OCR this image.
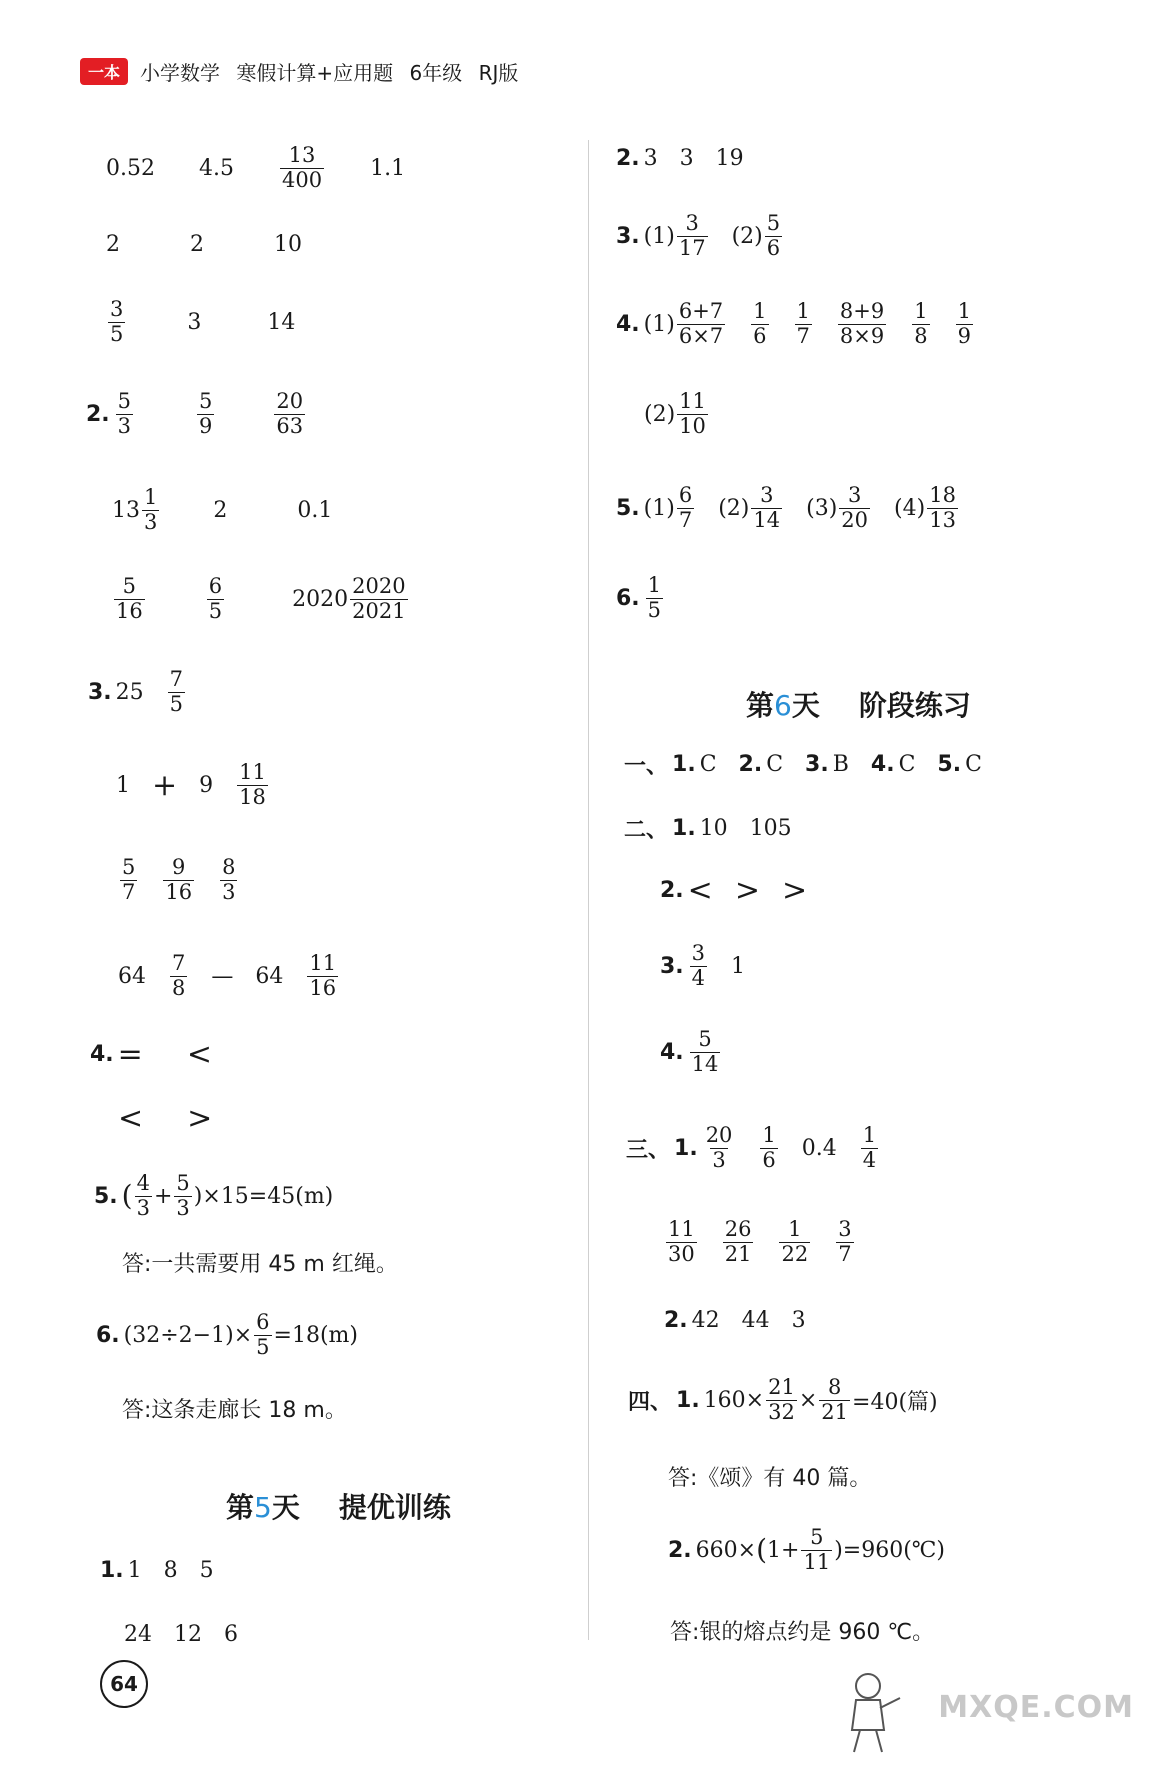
一本	小学数学 寒假计算+应用题 6年级 RJ版
0.52 $4.5 \frac{13}{400} 1.1$
2	2	10
$\frac{3}{5}$	3	14
2. $\frac{5}{3}$	$\frac{5}{9}$	$\frac{20}{63}$
$13 \frac{1}{3} 2$	0.1
$\frac{5}{16}$	$\frac{6}{5}$	$2020 \frac{2020}{2021}$
3. $25 \frac{7}{5}$
$1 + 9 \frac{11}{18}$
$\frac{5}{7} \frac{9}{16} \frac{8}{3}$
$64 \frac{7}{8}$ — $64 \frac{11}{16}$
4. = <
< >
5. ( $\frac{4}{3} + \frac{5}{3} )\times 15=45(m)$
答:一共需要用 45 m 红绳。
6. $(32\div 2-1)\times \frac{6}{5} =18(m)$
答:这条走廊长 18 m。
第5天 提优训练
1. 1 8 5
24 12 6
2. 3 3 19
3. $(1) \frac{3}{17} (2) \frac{5}{6}$
4. $(1) \frac{6+7}{6\times 7} \frac{1}{6} \frac{1}{7} \frac{8+9}{8\times 9} \frac{1}{8} \frac{1}{9}$
$(2) \frac{11}{10}$
5. $(1) \frac{6}{7} (2) \frac{3}{14} (3) \frac{3}{20} (4) \frac{18}{13}$
6. $\frac{1}{5}$
第6天 阶段练习
一、 1. C 2. C 3. B 4. C 5. C
二、 1. 10 105
2. < > >
3. $\frac{3}{4} 1$
4. $\frac{5}{14}$
三、 1. $\frac{20}{3} \frac{1}{6} 0.4 \frac{1}{4}$
$\frac{11}{30} \frac{26}{21} \frac{1}{22} \frac{3}{7}$
2. 42 44 3
四、 1. $160\times \frac{21}{32} \times \frac{8}{21} =40$(篇)
答:《颂》有 40 篇。
2. 660× ( $1+ \frac{5}{11}$ )=960(℃)
答:银的熔点约是 960 ℃。
64
MXQE.COM
